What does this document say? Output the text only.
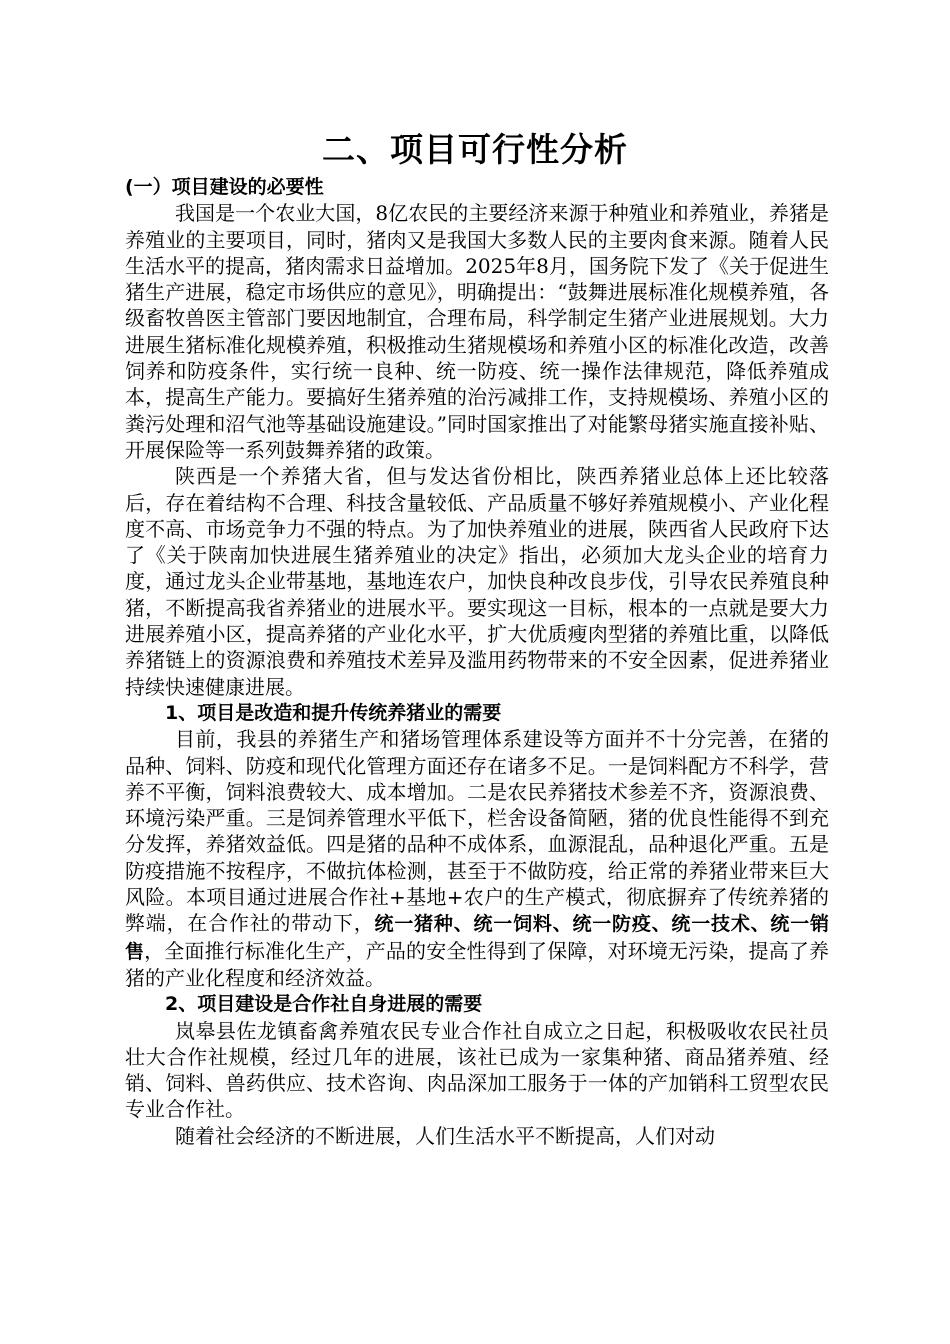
二、项目可行性分析

(一）项目建设的必要性

我国是一个农业大国，8亿农民的主要经济来源于种殖业和养殖业，养猪是养殖业的主要项目，同时，猪肉又是我国大多数人民的主要肉食来源。随着人民生活水平的提高，猪肉需求日益增加。2025年8月，国务院下发了《关于促进生猪生产进展，稳定市场供应的意见》，明确提出：“鼓舞进展标准化规模养殖，各级畜牧兽医主管部门要因地制宜，合理布局，科学制定生猪产业进展规划。大力进展生猪标准化规模养殖，积极推动生猪规模场和养殖小区的标准化改造，改善饲养和防疫条件，实行统一良种、统一防疫、统一操作法律规范，降低养殖成本，提高生产能力。要搞好生猪养殖的治污减排工作，支持规模场、养殖小区的粪污处理和沼气池等基础设施建设。”同时国家推出了对能繁母猪实施直接补贴、开展保险等一系列鼓舞养猪的政策。

陕西是一个养猪大省，但与发达省份相比，陕西养猪业总体上还比较落后，存在着结构不合理、科技含量较低、产品质量不够好养殖规模小、产业化程度不高、市场竞争力不强的特点。为了加快养殖业的进展，陕西省人民政府下达了《关于陕南加快进展生猪养殖业的决定》指出，必须加大龙头企业的培育力度，通过龙头企业带基地，基地连农户，加快良种改良步伐，引导农民养殖良种猪，不断提高我省养猪业的进展水平。要实现这一目标，根本的一点就是要大力进展养殖小区，提高养猪的产业化水平，扩大优质瘦肉型猪的养殖比重，以降低养猪链上的资源浪费和养殖技术差异及滥用药物带来的不安全因素，促进养猪业持续快速健康进展。

1、项目是改造和提升传统养猪业的需要

目前，我县的养猪生产和猪场管理体系建设等方面并不十分完善，在猪的品种、饲料、防疫和现代化管理方面还存在诸多不足。一是饲料配方不科学，营养不平衡，饲料浪费较大、成本增加。二是农民养猪技术参差不齐，资源浪费、环境污染严重。三是饲养管理水平低下，栏舍设备简陋，猪的优良性能得不到充分发挥，养猪效益低。四是猪的品种不成体系，血源混乱，品种退化严重。五是防疫措施不按程序，不做抗体检测，甚至于不做防疫，给正常的养猪业带来巨大风险。本项目通过进展合作社+基地+农户的生产模式，彻底摒弃了传统养猪的弊端，在合作社的带动下，统一猪种、统一饲料、统一防疫、统一技术、统一销售，全面推行标准化生产，产品的安全性得到了保障，对环境无污染，提高了养猪的产业化程度和经济效益。

2、项目建设是合作社自身进展的需要

岚皋县佐龙镇畜禽养殖农民专业合作社自成立之日起，积极吸收农民社员壮大合作社规模，经过几年的进展，该社已成为一家集种猪、商品猪养殖、经销、饲料、兽药供应、技术咨询、肉品深加工服务于一体的产加销科工贸型农民专业合作社。

随着社会经济的不断进展，人们生活水平不断提高，人们对动
